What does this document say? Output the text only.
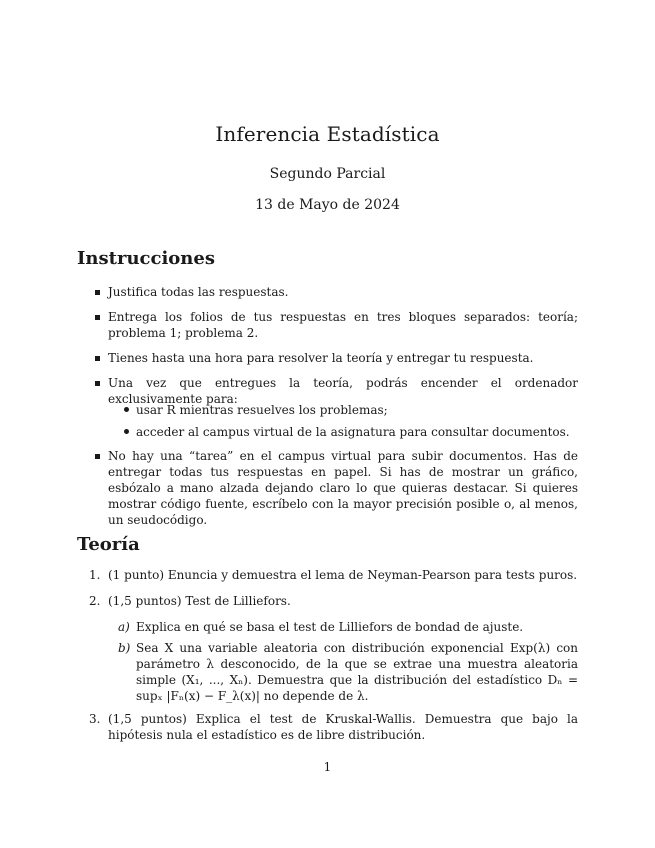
Inferencia Estadística
Segundo Parcial
13 de Mayo de 2024
Instrucciones
Justifica todas las respuestas.
Entrega los folios de tus respuestas en tres bloques separados: teoría; problema 1; problema 2.
Tienes hasta una hora para resolver la teoría y entregar tu respuesta.
Una vez que entregues la teoría, podrás encender el ordenador exclusivamente para:
usar R mientras resuelves los problemas;
acceder al campus virtual de la asignatura para consultar documentos.
No hay una “tarea” en el campus virtual para subir documentos. Has de entregar todas tus respuestas en papel. Si has de mostrar un gráfico, esbózalo a mano alzada dejando claro lo que quieras destacar. Si quieres mostrar código fuente, escríbelo con la mayor precisión posible o, al menos, un seudocódigo.
Teoría
1. (1 punto) Enuncia y demuestra el lema de Neyman-Pearson para tests puros.
2. (1,5 puntos) Test de Lilliefors.
a) Explica en qué se basa el test de Lilliefors de bondad de ajuste.
b) Sea X una variable aleatoria con distribución exponencial Exp(λ) con parámetro λ desconocido, de la que se extrae una muestra aleatoria simple (X₁, ..., Xₙ). Demuestra que la distribución del estadístico Dₙ = supₓ |Fₙ(x) − F_λ(x)| no depende de λ.
3. (1,5 puntos) Explica el test de Kruskal-Wallis. Demuestra que bajo la hipótesis nula el estadístico es de libre distribución.
1
